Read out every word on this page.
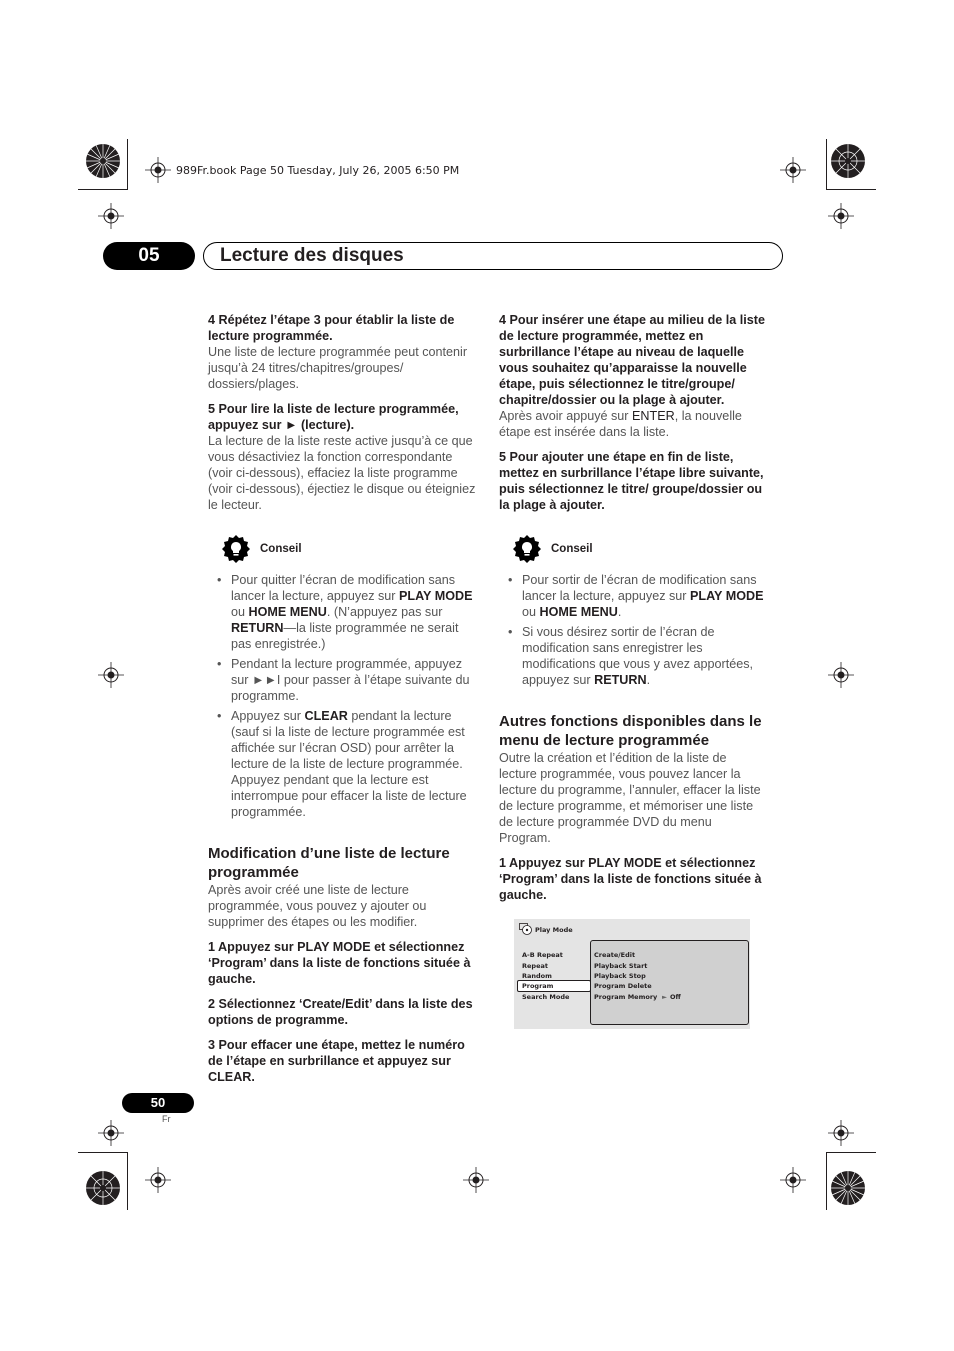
989Fr.book Page 50 Tuesday, July 26, 2005 6:50 PM
05	Lecture des disques

4 Répétez l’étape 3 pour établir la liste de lecture programmée.

Une liste de lecture programmée peut contenir jusqu’à 24 titres/chapitres/groupes/ dossiers/plages.

5 Pour lire la liste de lecture programmée, appuyez sur ► (lecture).

La lecture de la liste reste active jusqu’à ce que vous désactiviez la fonction correspondante (voir ci-dessous), effaciez la liste programme (voir ci-dessous), éjectiez le disque ou éteigniez le lecteur.

Conseil
• Pour quitter l’écran de modification sans lancer la lecture, appuyez sur PLAY MODE ou HOME MENU. (N’appuyez pas sur RETURN—la liste programmée ne serait pas enregistrée.)
• Pendant la lecture programmée, appuyez sur ►►I pour passer à l’étape suivante du programme.
• Appuyez sur CLEAR pendant la lecture (sauf si la liste de lecture programmée est affichée sur l’écran OSD) pour arrêter la lecture de la liste de lecture programmée. Appuyez pendant que la lecture est interrompue pour effacer la liste de lecture programmée.

Modification d’une liste de lecture programmée

Après avoir créé une liste de lecture programmée, vous pouvez y ajouter ou supprimer des étapes ou les modifier.

1 Appuyez sur PLAY MODE et sélectionnez ‘Program’ dans la liste de fonctions située à gauche.

2 Sélectionnez ‘Create/Edit’ dans la liste des options de programme.

3 Pour effacer une étape, mettez le numéro de l’étape en surbrillance et appuyez sur CLEAR.

4 Pour insérer une étape au milieu de la liste de lecture programmée, mettez en surbrillance l’étape au niveau de laquelle vous souhaitez qu’apparaisse la nouvelle étape, puis sélectionnez le titre/groupe/ chapitre/dossier ou la plage à ajouter.

Après avoir appuyé sur ENTER, la nouvelle étape est insérée dans la liste.

5 Pour ajouter une étape en fin de liste, mettez en surbrillance l’étape libre suivante, puis sélectionnez le titre/ groupe/dossier ou la plage à ajouter.

Conseil
• Pour sortir de l’écran de modification sans lancer la lecture, appuyez sur PLAY MODE ou HOME MENU.
• Si vous désirez sortir de l’écran de modification sans enregistrer les modifications que vous y avez apportées, appuyez sur RETURN.

Autres fonctions disponibles dans le menu de lecture programmée

Outre la création et l’édition de la liste de lecture programmée, vous pouvez lancer la lecture du programme, l’annuler, effacer la liste de lecture programme, et mémoriser une liste de lecture programmée DVD du menu Program.

1 Appuyez sur PLAY MODE et sélectionnez ‘Program’ dans la liste de fonctions située à gauche.

Play Mode
A-B Repeat
Repeat
Random
Program
Search Mode
Create/Edit
Playback Start
Playback Stop
Program Delete
Program Memory ► Off
50
Fr
